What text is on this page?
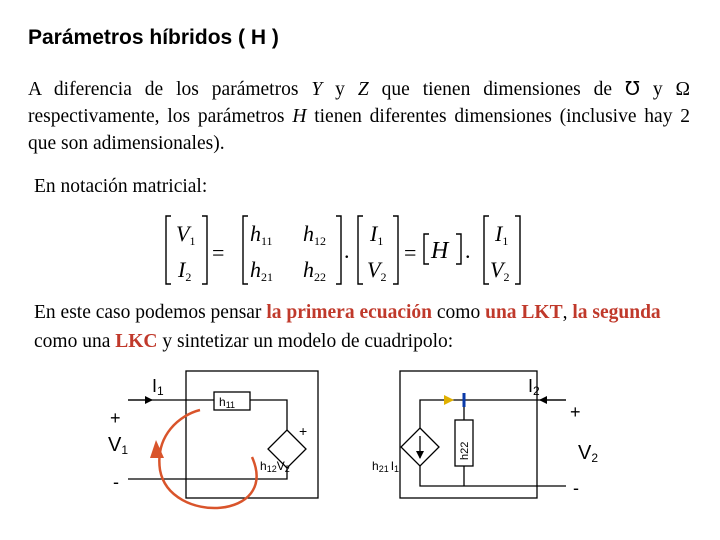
Parámetros híbridos ( H )
A diferencia de los parámetros Y y Z que tienen dimensiones de ℧ y Ω respectivamente, los parámetros H tienen diferentes dimensiones (inclusive hay 2 que son adimensionales).
En notación matricial:
V1
I2
=
h11 h12
h21 h22
.
I1
V2
= H .
I1
V2
En este caso podemos pensar la primera ecuación como una LKT, la segunda como una LKC y sintetizar un modelo de cuadripolo:
h11
+
h12V2	h21 I1
h22
I1	I2
+
V1
-
+
V2
-
